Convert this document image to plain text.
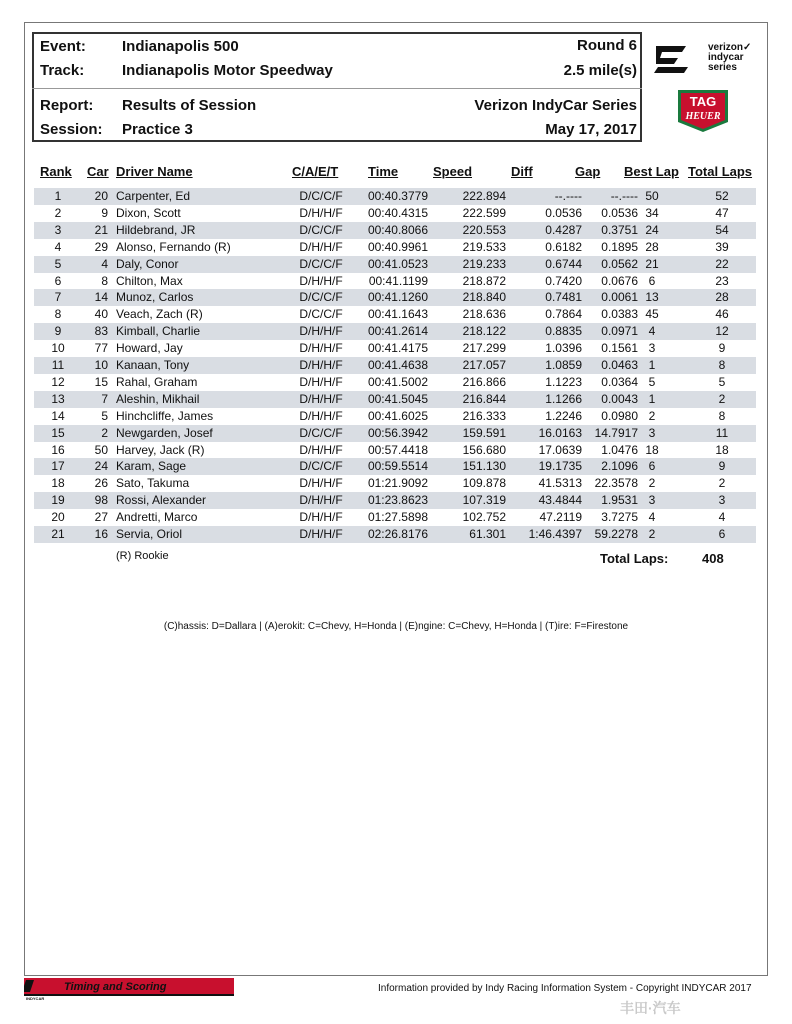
Event: Indianapolis 500
Track:	Indianapolis Motor Speedway
Report: Results of Session
Session: Practice 3
Round 6
2.5 mile(s)
Verizon IndyCar Series
May 17, 2017
verizon✓
indycar
series
TAG
HEUER
Rank Car Driver Name	C/A/E/T Time	Speed	Diff	Gap Best Lap Total Laps
1	20 Carpenter, Ed	D/C/C/F	00:40.3779	222.894	--.----	--.---- 50	52
2	9 Dixon, Scott	D/H/H/F	00:40.4315	222.599	0.0536	0.0536 34	47
3	21 Hildebrand, JR	D/C/C/F	00:40.8066	220.553	0.4287	0.3751 24	54
4	29 Alonso, Fernando (R)	D/H/H/F	00:40.9961	219.533	0.6182	0.1895 28	39
5	4 Daly, Conor	D/C/C/F	00:41.0523	219.233	0.6744	0.0562 21	22
6	8 Chilton, Max	D/H/H/F	00:41.1199	218.872	0.7420	0.0676 6	23
7	14 Munoz, Carlos	D/C/C/F	00:41.1260	218.840	0.7481	0.0061 13	28
8	40 Veach, Zach (R)	D/C/C/F	00:41.1643	218.636	0.7864	0.0383 45	46
9	83 Kimball, Charlie	D/H/H/F	00:41.2614	218.122	0.8835	0.0971 4	12
10	77 Howard, Jay	D/H/H/F	00:41.4175	217.299	1.0396	0.1561 3	9
11	10 Kanaan, Tony	D/H/H/F	00:41.4638	217.057	1.0859	0.0463 1	8
12	15 Rahal, Graham	D/H/H/F	00:41.5002	216.866	1.1223	0.0364 5	5
13	7 Aleshin, Mikhail	D/H/H/F	00:41.5045	216.844	1.1266	0.0043 1	2
14	5 Hinchcliffe, James	D/H/H/F	00:41.6025	216.333	1.2246	0.0980 2	8
15	2 Newgarden, Josef	D/C/C/F	00:56.3942	159.591	16.0163	14.7917 3	11
16	50 Harvey, Jack (R)	D/H/H/F	00:57.4418	156.680	17.0639	1.0476 18	18
17	24 Karam, Sage	D/C/C/F	00:59.5514	151.130	19.1735	2.1096 6	9
18	26 Sato, Takuma	D/H/H/F	01:21.9092	109.878	41.5313	22.3578 2	2
19	98 Rossi, Alexander	D/H/H/F	01:23.8623	107.319	43.4844	1.9531 3	3
20	27 Andretti, Marco	D/H/H/F	01:27.5898	102.752	47.2119	3.7275 4	4
21	16 Servia, Oriol	D/H/H/F	02:26.8176	61.301	1:46.4397	59.2278 2	6
(R) Rookie	Total Laps:	408
(C)hassis: D=Dallara | (A)erokit: C=Chevy, H=Honda | (E)ngine: C=Chevy, H=Honda | (T)ire: F=Firestone
Timing and Scoring
INDYCAR
Information provided by Indy Racing Information System - Copyright INDYCAR 2017
丰田·汽车
